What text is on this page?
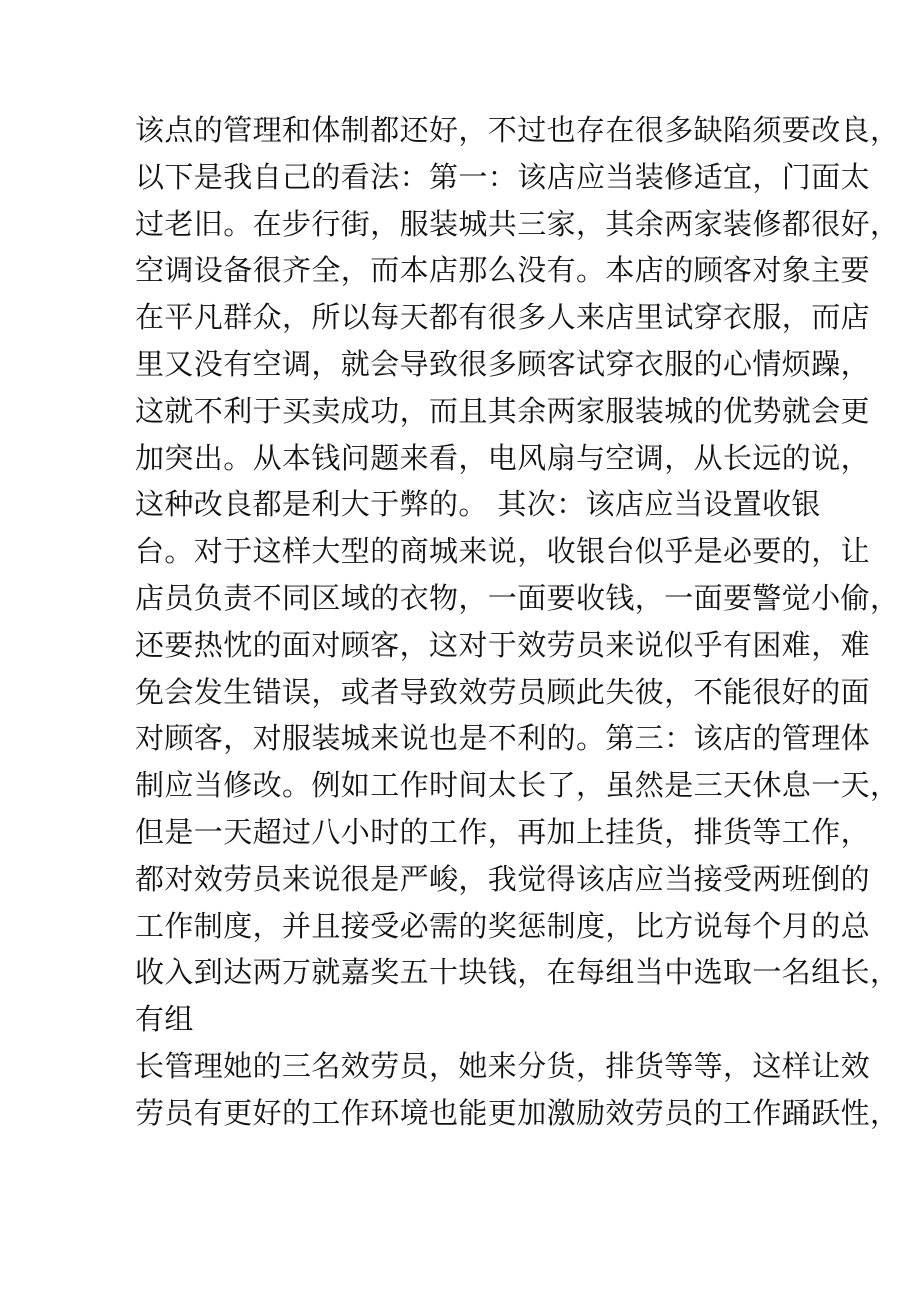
该点的管理和体制都还好，不过也存在很多缺陷须要改良，
以下是我自己的看法：第一：该店应当装修适宜，门面太
过老旧。在步行街，服装城共三家，其余两家装修都很好，
空调设备很齐全，而本店那么没有。本店的顾客对象主要
在平凡群众，所以每天都有很多人来店里试穿衣服，而店
里又没有空调，就会导致很多顾客试穿衣服的心情烦躁，
这就不利于买卖成功，而且其余两家服装城的优势就会更
加突出。从本钱问题来看，电风扇与空调，从长远的说，
这种改良都是利大于弊的。 其次：该店应当设置收银
台。对于这样大型的商城来说，收银台似乎是必要的，让
店员负责不同区域的衣物，一面要收钱，一面要警觉小偷，
还要热忱的面对顾客，这对于效劳员来说似乎有困难，难
免会发生错误，或者导致效劳员顾此失彼，不能很好的面
对顾客，对服装城来说也是不利的。第三：该店的管理体
制应当修改。例如工作时间太长了，虽然是三天休息一天，
但是一天超过八小时的工作，再加上挂货，排货等工作，
都对效劳员来说很是严峻，我觉得该店应当接受两班倒的
工作制度，并且接受必需的奖惩制度，比方说每个月的总
收入到达两万就嘉奖五十块钱，在每组当中选取一名组长，
有组
长管理她的三名效劳员，她来分货，排货等等，这样让效
劳员有更好的工作环境也能更加激励效劳员的工作踊跃性，
